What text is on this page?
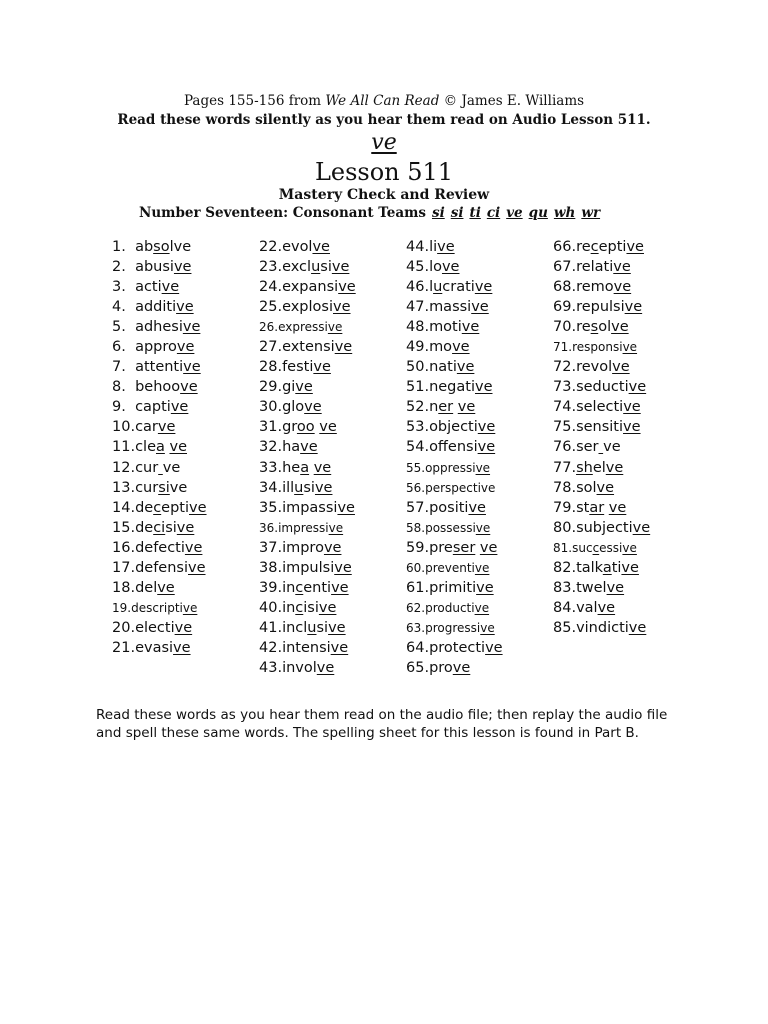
Pages 155-156 from We All Can Read © James E. Williams
Read these words silently as you hear them read on Audio Lesson 511.
ve
Lesson 511
Mastery Check and Review
Number Seventeen: Consonant Teams si si ti ci ve qu wh wr
1.  absolve
2.  abusive
3.  active
4.  additive
5.  adhesive
6.  approve
7.  attentive
8.  behoove
9.  captive
10.carve
11.clea ve
12.cur ve
13.cursive
14.deceptive
15.decisive
16.defective
17.defensive
18.delve
19.descriptive
20.elective
21.evasive
22.evolve
23.exclusive
24.expansive
25.explosive
26.expressive
27.extensive
28.festive
29.give
30.glove
31.groo ve
32.have
33.hea ve
34.illusive
35.impassive
36.impressive
37.improve
38.impulsive
39.incentive
40.incisive
41.inclusive
42.intensive
43.involve
44.live
45.love
46.lucrative
47.massive
48.motive
49.move
50.native
51.negative
52.ner ve
53.objective
54.offensive
55.oppressive
56.perspective
57.positive
58.possessive
59.preser ve
60.preventive
61.primitive
62.productive
63.progressive
64.protective
65.prove
66.receptive
67.relative
68.remove
69.repulsive
70.resolve
71.responsive
72.revolve
73.seductive
74.selective
75.sensitive
76.ser ve
77.shelve
78.solve
79.star ve
80.subjective
81.successive
82.talkative
83.twelve
84.valve
85.vindictive
Read these words as you hear them read on the audio file; then replay the audio file and spell these same words. The spelling sheet for this lesson is found in Part B.
